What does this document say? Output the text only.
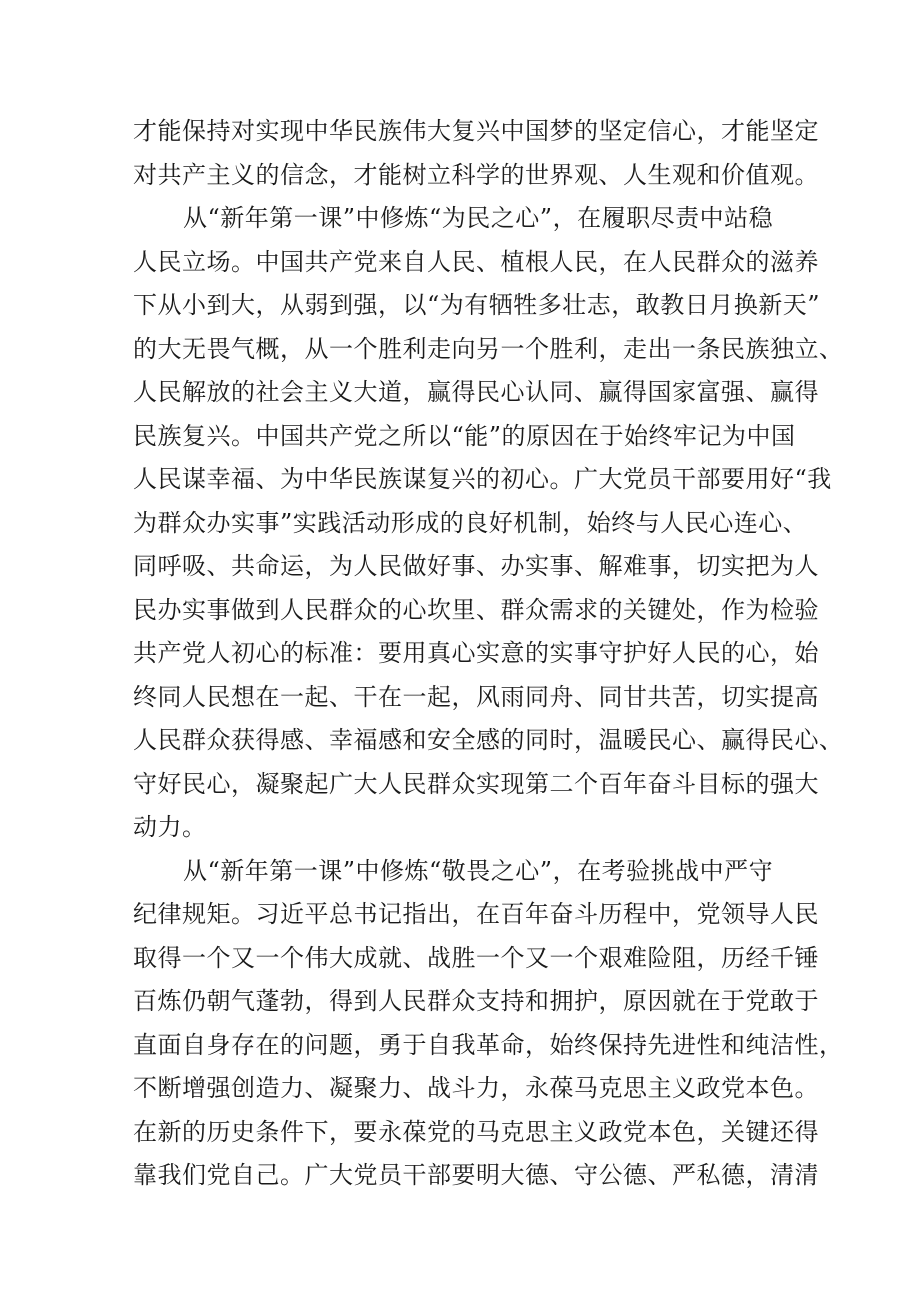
才能保持对实现中华民族伟大复兴中国梦的坚定信心，才能坚定
对共产主义的信念，才能树立科学的世界观、人生观和价值观。
从“新年第一课”中修炼“为民之心”，在履职尽责中站稳
人民立场。中国共产党来自人民、植根人民，在人民群众的滋养
下从小到大，从弱到强，以“为有牺牲多壮志，敢教日月换新天”
的大无畏气概，从一个胜利走向另一个胜利，走出一条民族独立、
人民解放的社会主义大道，赢得民心认同、赢得国家富强、赢得
民族复兴。中国共产党之所以“能”的原因在于始终牢记为中国
人民谋幸福、为中华民族谋复兴的初心。广大党员干部要用好“我
为群众办实事”实践活动形成的良好机制，始终与人民心连心、
同呼吸、共命运，为人民做好事、办实事、解难事，切实把为人
民办实事做到人民群众的心坎里、群众需求的关键处，作为检验
共产党人初心的标准：要用真心实意的实事守护好人民的心，始
终同人民想在一起、干在一起，风雨同舟、同甘共苦，切实提高
人民群众获得感、幸福感和安全感的同时，温暖民心、赢得民心、
守好民心，凝聚起广大人民群众实现第二个百年奋斗目标的强大
动力。
从“新年第一课”中修炼“敬畏之心”，在考验挑战中严守
纪律规矩。习近平总书记指出，在百年奋斗历程中，党领导人民
取得一个又一个伟大成就、战胜一个又一个艰难险阻，历经千锤
百炼仍朝气蓬勃，得到人民群众支持和拥护，原因就在于党敢于
直面自身存在的问题，勇于自我革命，始终保持先进性和纯洁性，
不断增强创造力、凝聚力、战斗力，永葆马克思主义政党本色。
在新的历史条件下，要永葆党的马克思主义政党本色，关键还得
靠我们党自己。广大党员干部要明大德、守公德、严私德，清清
